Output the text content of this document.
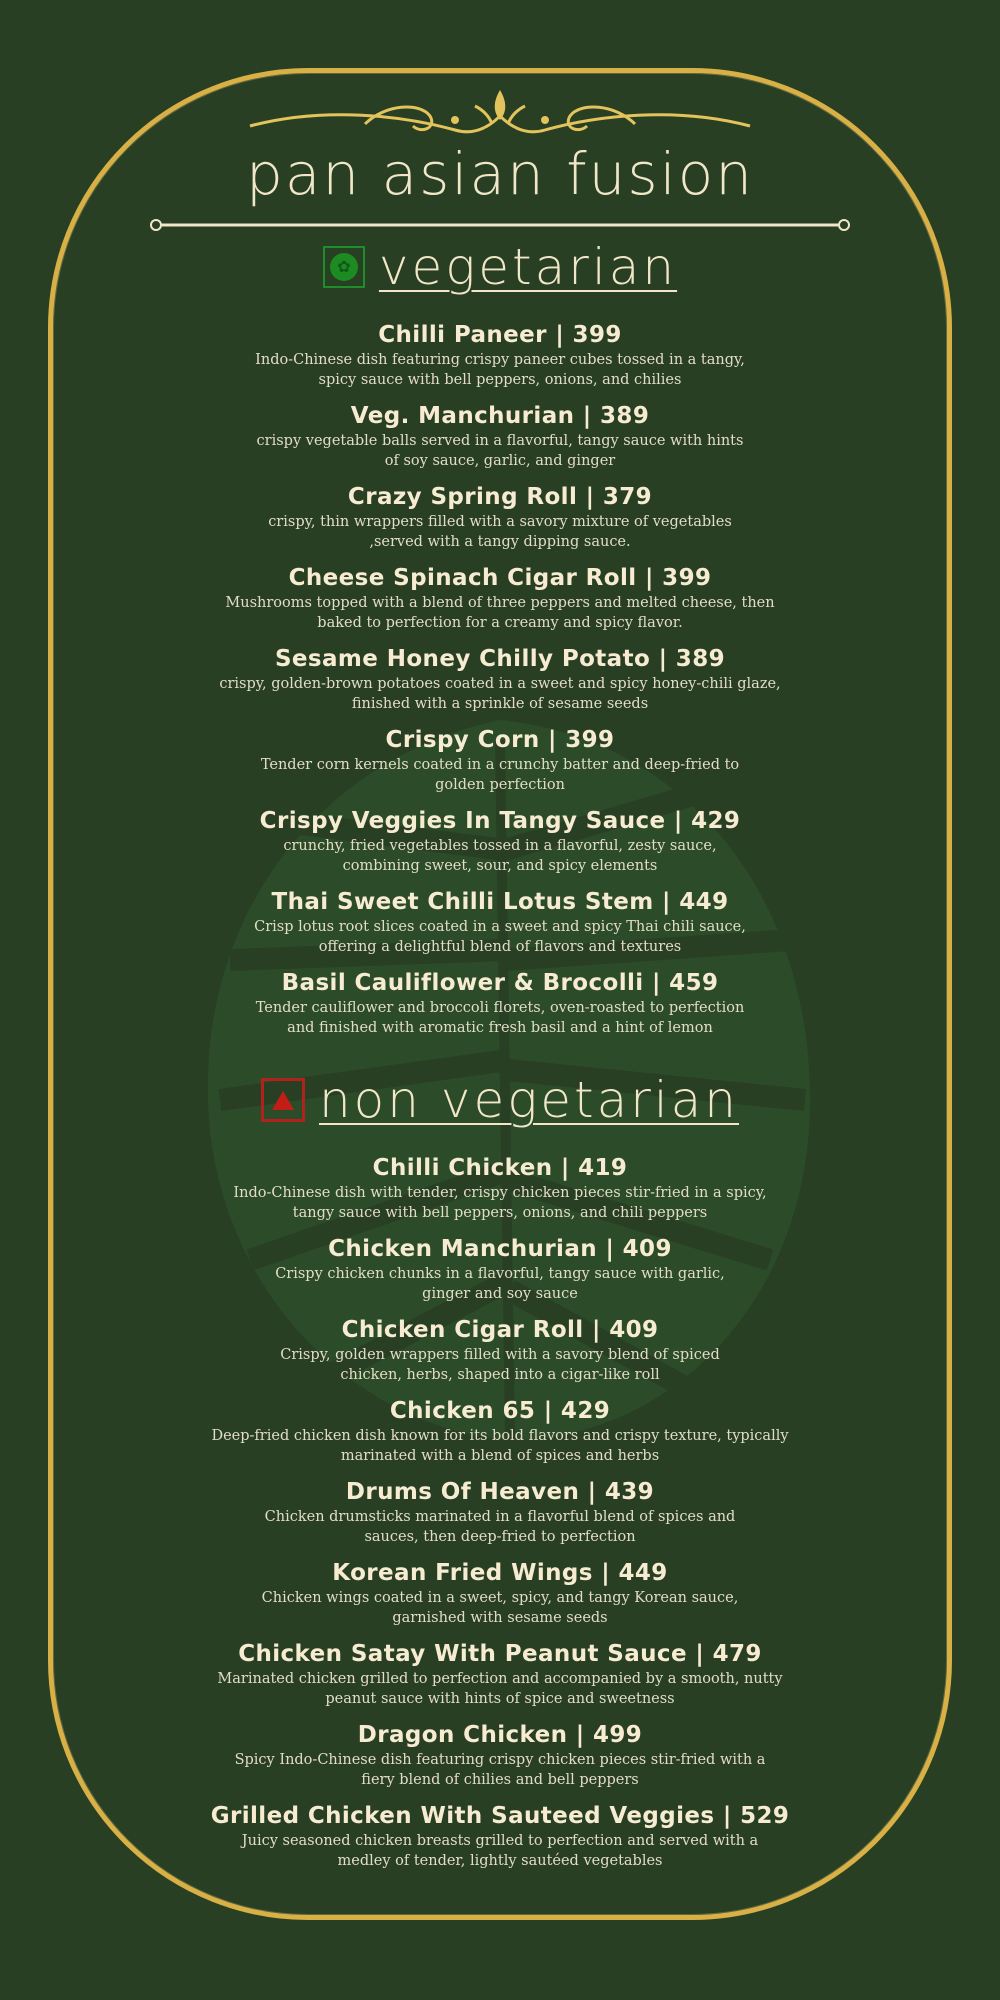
pan asian fusion
✿ vegetarian
Chilli Paneer | 399
Indo-Chinese dish featuring crispy paneer cubes tossed in a tangy,
spicy sauce with bell peppers, onions, and chilies
Veg. Manchurian | 389
crispy vegetable balls served in a flavorful, tangy sauce with hints
of soy sauce, garlic, and ginger
Crazy Spring Roll | 379
crispy, thin wrappers filled with a savory mixture of vegetables
,served with a tangy dipping sauce.
Cheese Spinach Cigar Roll | 399
Mushrooms topped with a blend of three peppers and melted cheese, then
baked to perfection for a creamy and spicy flavor.
Sesame Honey Chilly Potato | 389
crispy, golden-brown potatoes coated in a sweet and spicy honey-chili glaze,
finished with a sprinkle of sesame seeds
Crispy Corn | 399
Tender corn kernels coated in a crunchy batter and deep-fried to
golden perfection
Crispy Veggies In Tangy Sauce | 429
crunchy, fried vegetables tossed in a flavorful, zesty sauce,
combining sweet, sour, and spicy elements
Thai Sweet Chilli Lotus Stem | 449
Crisp lotus root slices coated in a sweet and spicy Thai chili sauce,
offering a delightful blend of flavors and textures
Basil Cauliflower & Brocolli | 459
Tender cauliflower and broccoli florets, oven-roasted to perfection
and finished with aromatic fresh basil and a hint of lemon
non vegetarian
Chilli Chicken | 419
Indo-Chinese dish with tender, crispy chicken pieces stir-fried in a spicy,
tangy sauce with bell peppers, onions, and chili peppers
Chicken Manchurian | 409
Crispy chicken chunks in a flavorful, tangy sauce with garlic,
ginger and soy sauce
Chicken Cigar Roll | 409
Crispy, golden wrappers filled with a savory blend of spiced
chicken, herbs, shaped into a cigar-like roll
Chicken 65 | 429
Deep-fried chicken dish known for its bold flavors and crispy texture, typically
marinated with a blend of spices and herbs
Drums Of Heaven | 439
Chicken drumsticks marinated in a flavorful blend of spices and
sauces, then deep-fried to perfection
Korean Fried Wings | 449
Chicken wings coated in a sweet, spicy, and tangy Korean sauce,
garnished with sesame seeds
Chicken Satay With Peanut Sauce | 479
Marinated chicken grilled to perfection and accompanied by a smooth, nutty
peanut sauce with hints of spice and sweetness
Dragon Chicken | 499
Spicy Indo-Chinese dish featuring crispy chicken pieces stir-fried with a
fiery blend of chilies and bell peppers
Grilled Chicken With Sauteed Veggies | 529
Juicy seasoned chicken breasts grilled to perfection and served with a
medley of tender, lightly sautéed vegetables
